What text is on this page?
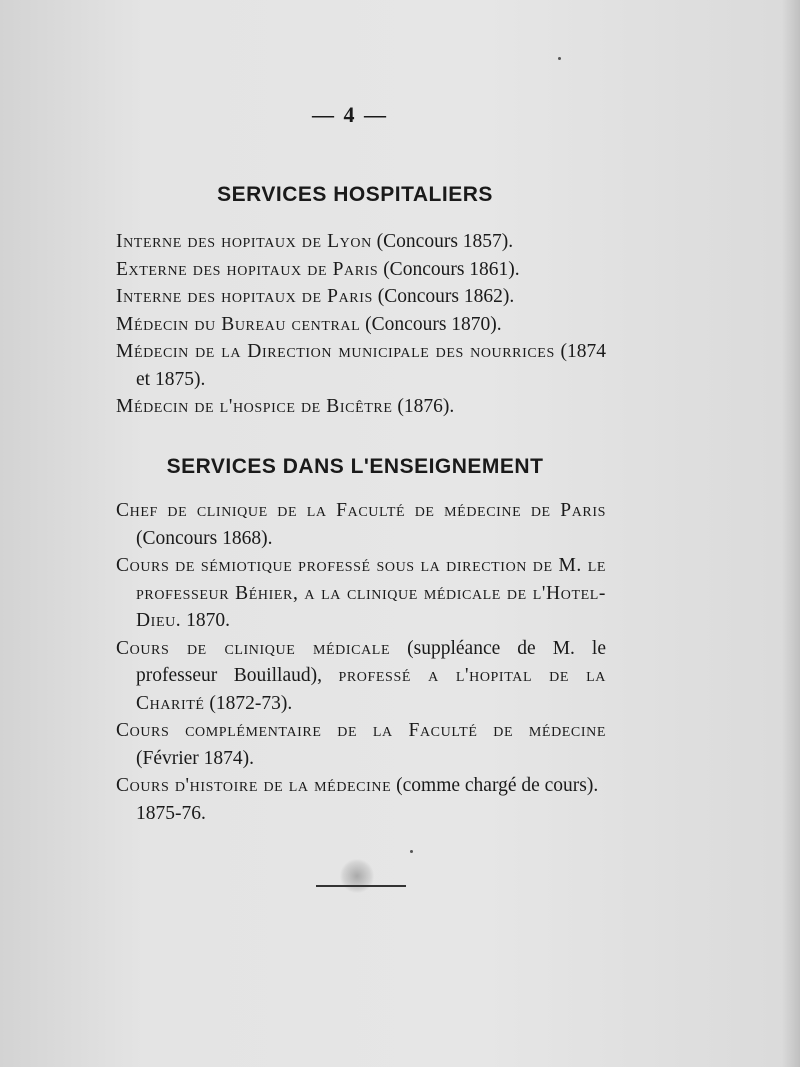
— 4 —
SERVICES HOSPITALIERS

Interne des hopitaux de Lyon (Concours 1857).

Externe des hopitaux de Paris (Concours 1861).

Interne des hopitaux de Paris (Concours 1862).

Médecin du Bureau central (Concours 1870).

Médecin de la Direction municipale des nourrices (1874 et 1875).

Médecin de l'hospice de Bicêtre (1876).

SERVICES DANS L'ENSEIGNEMENT

Chef de clinique de la Faculté de médecine de Paris (Concours 1868).

Cours de sémiotique professé sous la direction de M. le professeur Béhier, a la clinique médicale de l'Hotel-Dieu. 1870.

Cours de clinique médicale (suppléance de M. le professeur Bouillaud), professé a l'hopital de la Charité (1872-73).

Cours complémentaire de la Faculté de médecine (Février 1874).

Cours d'histoire de la médecine (comme chargé de cours). 1875-76.
